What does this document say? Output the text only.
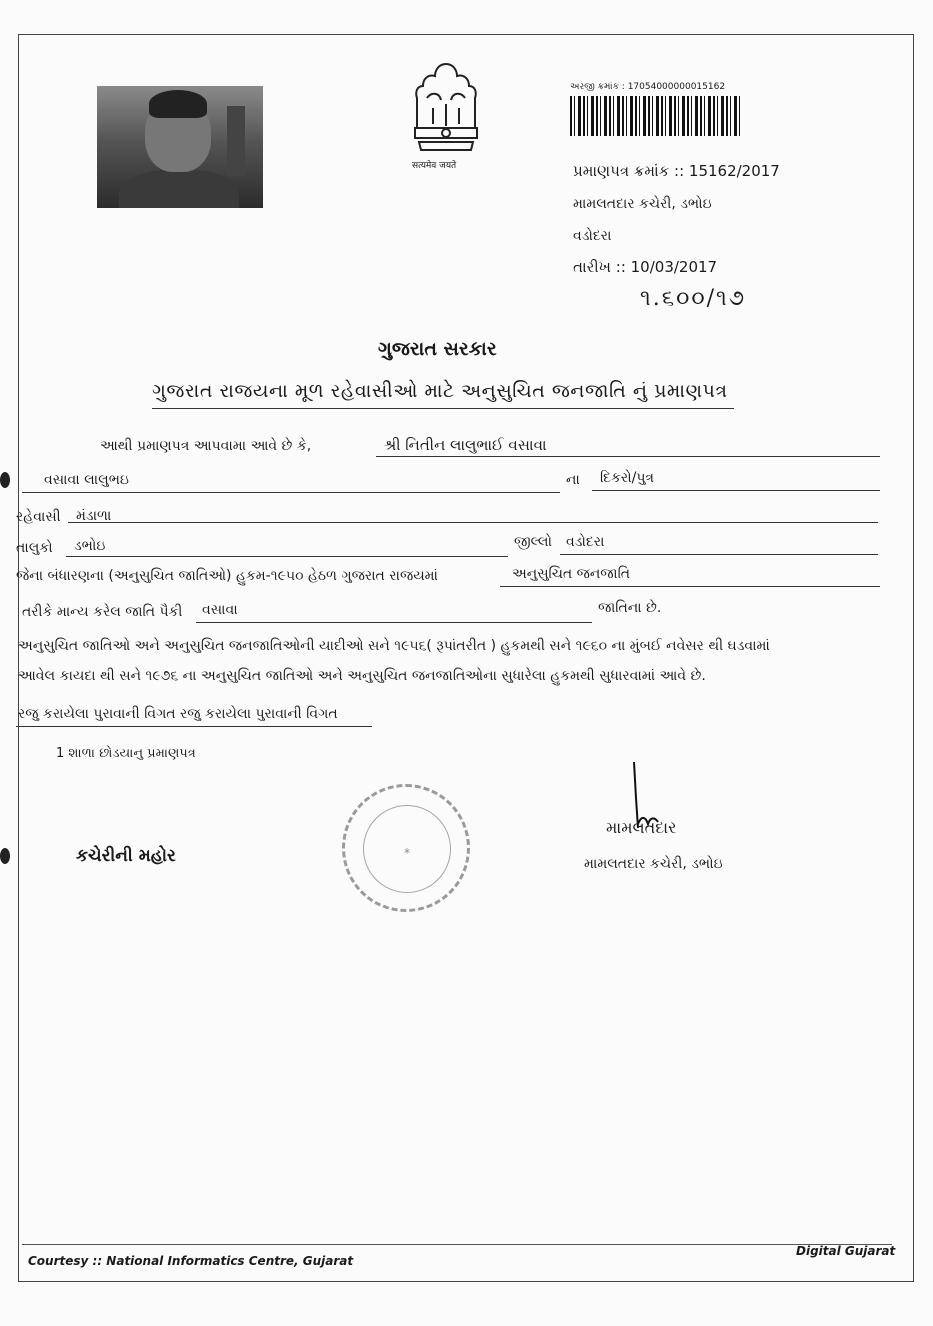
सत्यमेव जयते
અરજી ક્રમાંક : 17054000000015162
પ્રમાણપત્ર ક્રમાંક :: 15162/2017
મામલતદાર કચેરી, ડભોઇ
વડોદરા
તારીખ :: 10/03/2017
૧.૬૦૦/૧૭
ગુજરાત સરકાર
ગુજરાત રાજયના મૂળ રહેવાસીઓ માટે અનુસુચિત જનજાતિ નું પ્રમાણપત્ર
આથી પ્રમાણપત્ર આપવામા આવે છે કે,	શ્રી નિતીન લાલુભાઈ વસાવા
વસાવા લાલુભઇ	ના દિકરો/પુત્ર
રહેવાસી મંડાળા
તાલુકો ડભોઇ	જીલ્લો વડોદરા
જેના બંધારણના (અનુસુચિત જાતિઓ) હુકમ-૧૯૫૦ હેઠળ ગુજરાત રાજયમાં	અનુસુચિત જનજાતિ
તરીકે માન્ય કરેલ જાતિ પૈકી વસાવા	જાતિના છે.
અનુસુચિત જાતિઓ અને અનુસુચિત જનજાતિઓની યાદીઓ સને ૧૯૫૬( રૂપાંતરીત ) હુકમથી સને ૧૯૬૦ ના મુંબઈ નવેસર થી ઘડવામાં
આવેલ કાયદા થી સને ૧૯૭૬ ના અનુસુચિત જાતિઓ અને અનુસુચિત જનજાતિઓના સુધારેલા હુકમથી સુધારવામાં આવે છે.
રજુ કરાયેલા પુરાવાની વિગત રજુ કરાયેલા પુરાવાની વિગત
1 શાળા છોડયાનુ પ્રમાણપત્ર
*
કચેરીની મહોર
મામલતદાર
મામલતદાર કચેરી, ડભોઇ
Courtesy :: National Informatics Centre, Gujarat
Digital Gujarat
